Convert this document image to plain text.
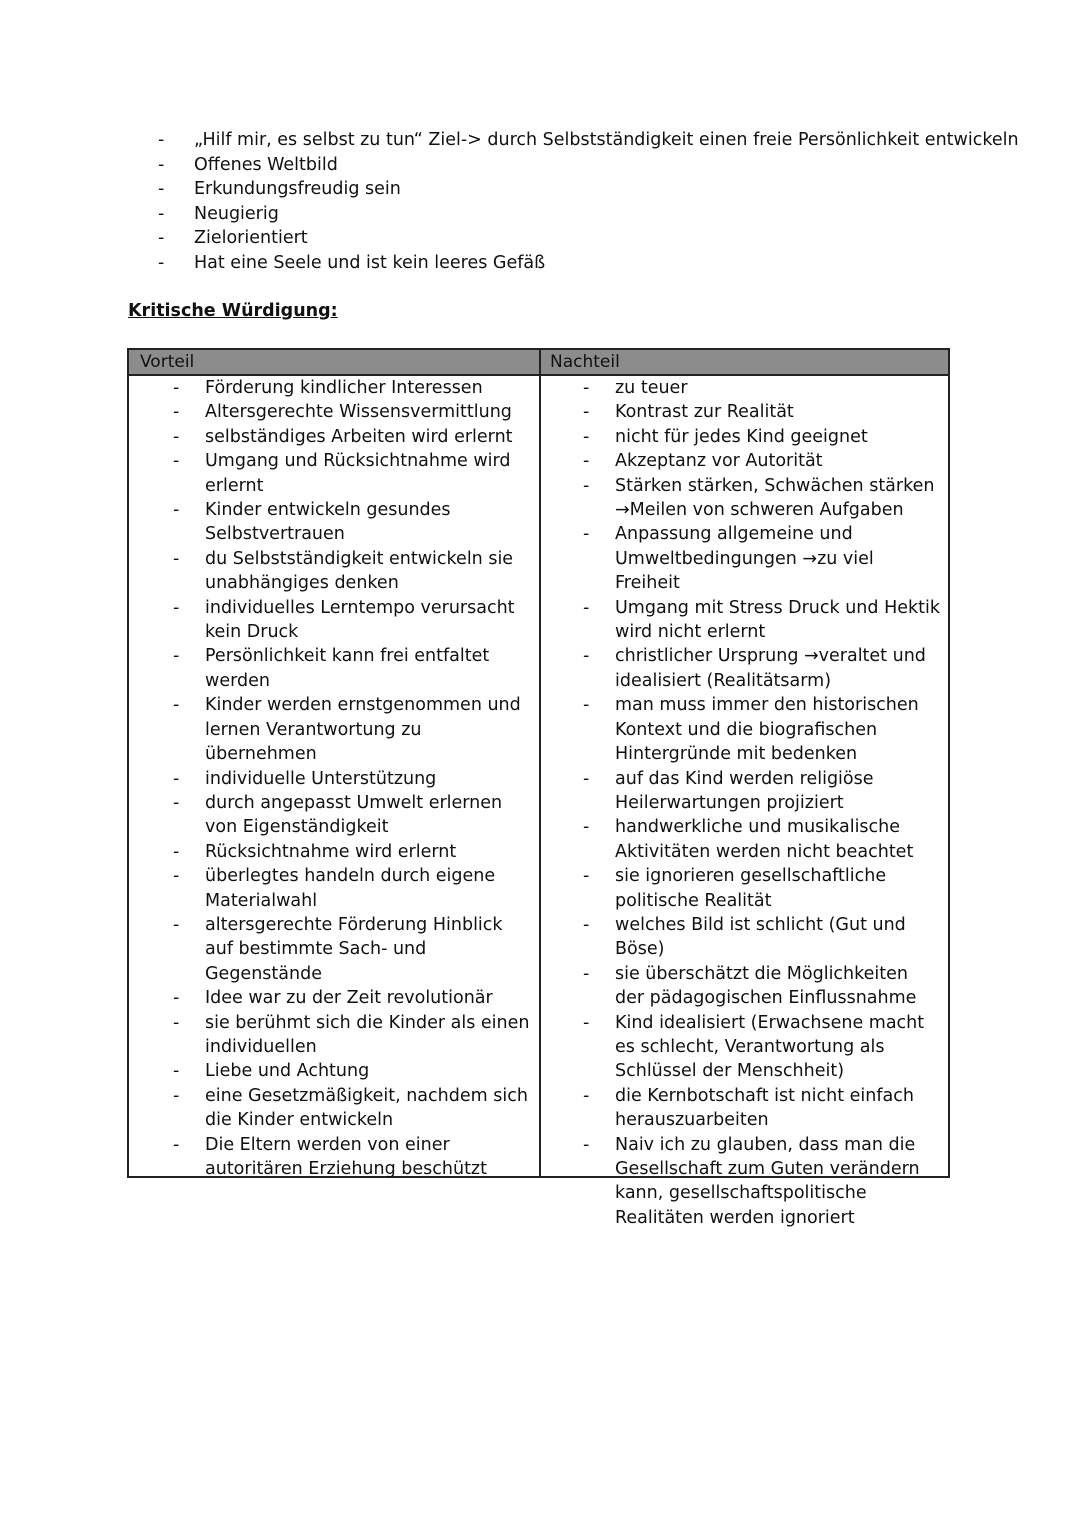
- „Hilf mir, es selbst zu tun“ Ziel-> durch Selbstständigkeit einen freie Persönlichkeit entwickeln
- Offenes Weltbild
- Erkundungsfreudig sein
- Neugierig
- Zielorientiert
- Hat eine Seele und ist kein leeres Gefäß
Kritische Würdigung:
Vorteil	Nachteil
- Förderung kindlicher Interessen
- Altersgerechte Wissensvermittlung
- selbständiges Arbeiten wird erlernt
- Umgang und Rücksichtnahme wird erlernt
- Kinder entwickeln gesundes Selbstvertrauen
- du Selbstständigkeit entwickeln sie unabhängiges denken
- individuelles Lerntempo verursacht kein Druck
- Persönlichkeit kann frei entfaltet werden
- Kinder werden ernstgenommen und lernen Verantwortung zu übernehmen
- individuelle Unterstützung
- durch angepasst Umwelt erlernen von Eigenständigkeit
- Rücksichtnahme wird erlernt
- überlegtes handeln durch eigene Materialwahl
- altersgerechte Förderung Hinblick auf bestimmte Sach- und Gegenstände
- Idee war zu der Zeit revolutionär
- sie berühmt sich die Kinder als einen individuellen
- Liebe und Achtung
- eine Gesetzmäßigkeit, nachdem sich die Kinder entwickeln
- Die Eltern werden von einer autoritären Erziehung beschützt
- zu teuer
- Kontrast zur Realität
- nicht für jedes Kind geeignet
- Akzeptanz vor Autorität
- Stärken stärken, Schwächen stärken →Meilen von schweren Aufgaben
- Anpassung allgemeine und Umweltbedingungen →zu viel Freiheit
- Umgang mit Stress Druck und Hektik wird nicht erlernt
- christlicher Ursprung →veraltet und idealisiert (Realitätsarm)
- man muss immer den historischen Kontext und die biografischen Hintergründe mit bedenken
- auf das Kind werden religiöse Heilerwartungen projiziert
- handwerkliche und musikalische Aktivitäten werden nicht beachtet
- sie ignorieren gesellschaftliche politische Realität
- welches Bild ist schlicht (Gut und Böse)
- sie überschätzt die Möglichkeiten der pädagogischen Einflussnahme
- Kind idealisiert (Erwachsene macht es schlecht, Verantwortung als Schlüssel der Menschheit)
- die Kernbotschaft ist nicht einfach herauszuarbeiten
- Naiv ich zu glauben, dass man die Gesellschaft zum Guten verändern kann, gesellschaftspolitische Realitäten werden ignoriert
